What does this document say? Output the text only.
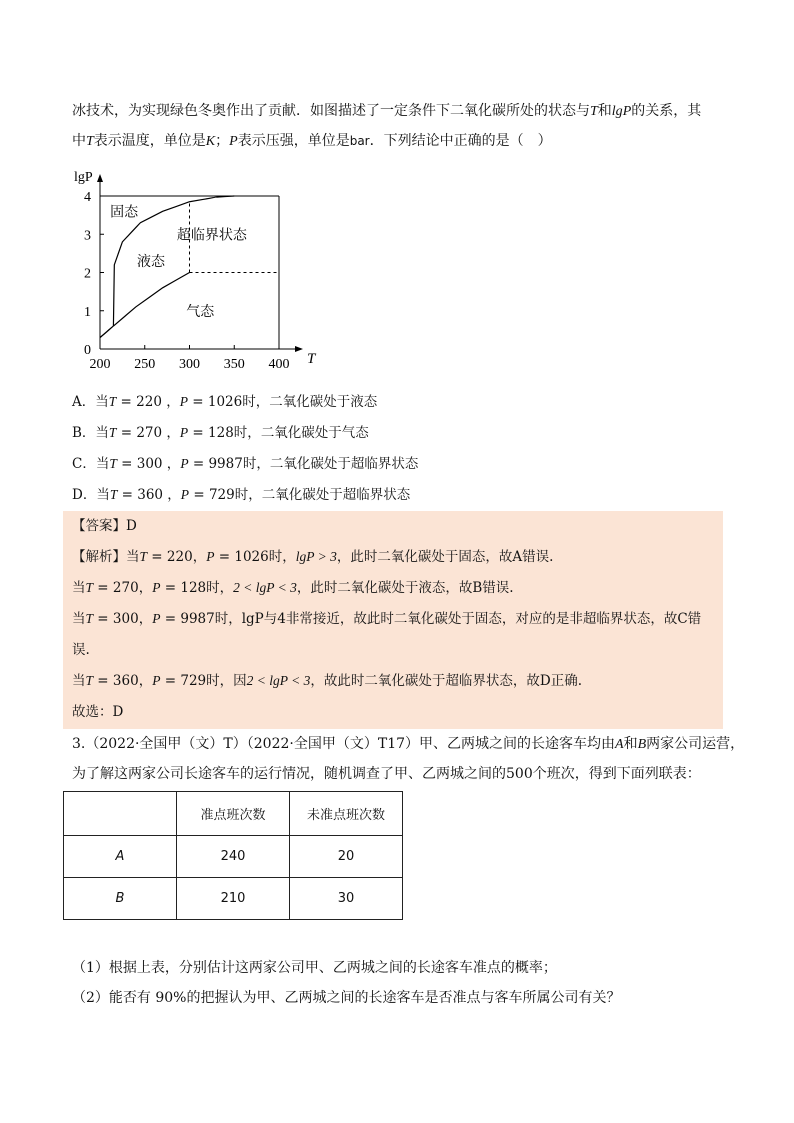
冰技术，为实现绿色冬奥作出了贡献．如图描述了一定条件下二氧化碳所处的状态与T和lgP的关系，其
中T表示温度，单位是K；P表示压强，单位是bar．下列结论中正确的是（　）
200 250 300 350 400
0
1
2
3
4
lgP
T
固态
液态
超临界状态
气态
A．当T = 220 ，P = 1026时，二氧化碳处于液态
B．当T = 270 ，P = 128时，二氧化碳处于气态
C．当T = 300 ，P = 9987时，二氧化碳处于超临界状态
D．当T = 360 ，P = 729时，二氧化碳处于超临界状态
【答案】D
【解析】当T = 220，P = 1026时，lgP > 3，此时二氧化碳处于固态，故A错误.
当T = 270，P = 128时，2 < lgP < 3，此时二氧化碳处于液态，故B错误.
当T = 300，P = 9987时，lgP与4非常接近，故此时二氧化碳处于固态，对应的是非超临界状态，故C错
误.
当T = 360，P = 729时，因2 < lgP < 3，故此时二氧化碳处于超临界状态，故D正确.
故选：D
3.（2022·全国甲（文）T）（2022·全国甲（文）T17）甲、乙两城之间的长途客车均由A和B两家公司运营，
为了解这两家公司长途客车的运行情况，随机调查了甲、乙两城之间的500个班次，得到下面列联表：
	准点班次数	未准点班次数
A	240	20
B	210	30
（1）根据上表，分别估计这两家公司甲、乙两城之间的长途客车准点的概率；
（2）能否有 90%的把握认为甲、乙两城之间的长途客车是否准点与客车所属公司有关？
